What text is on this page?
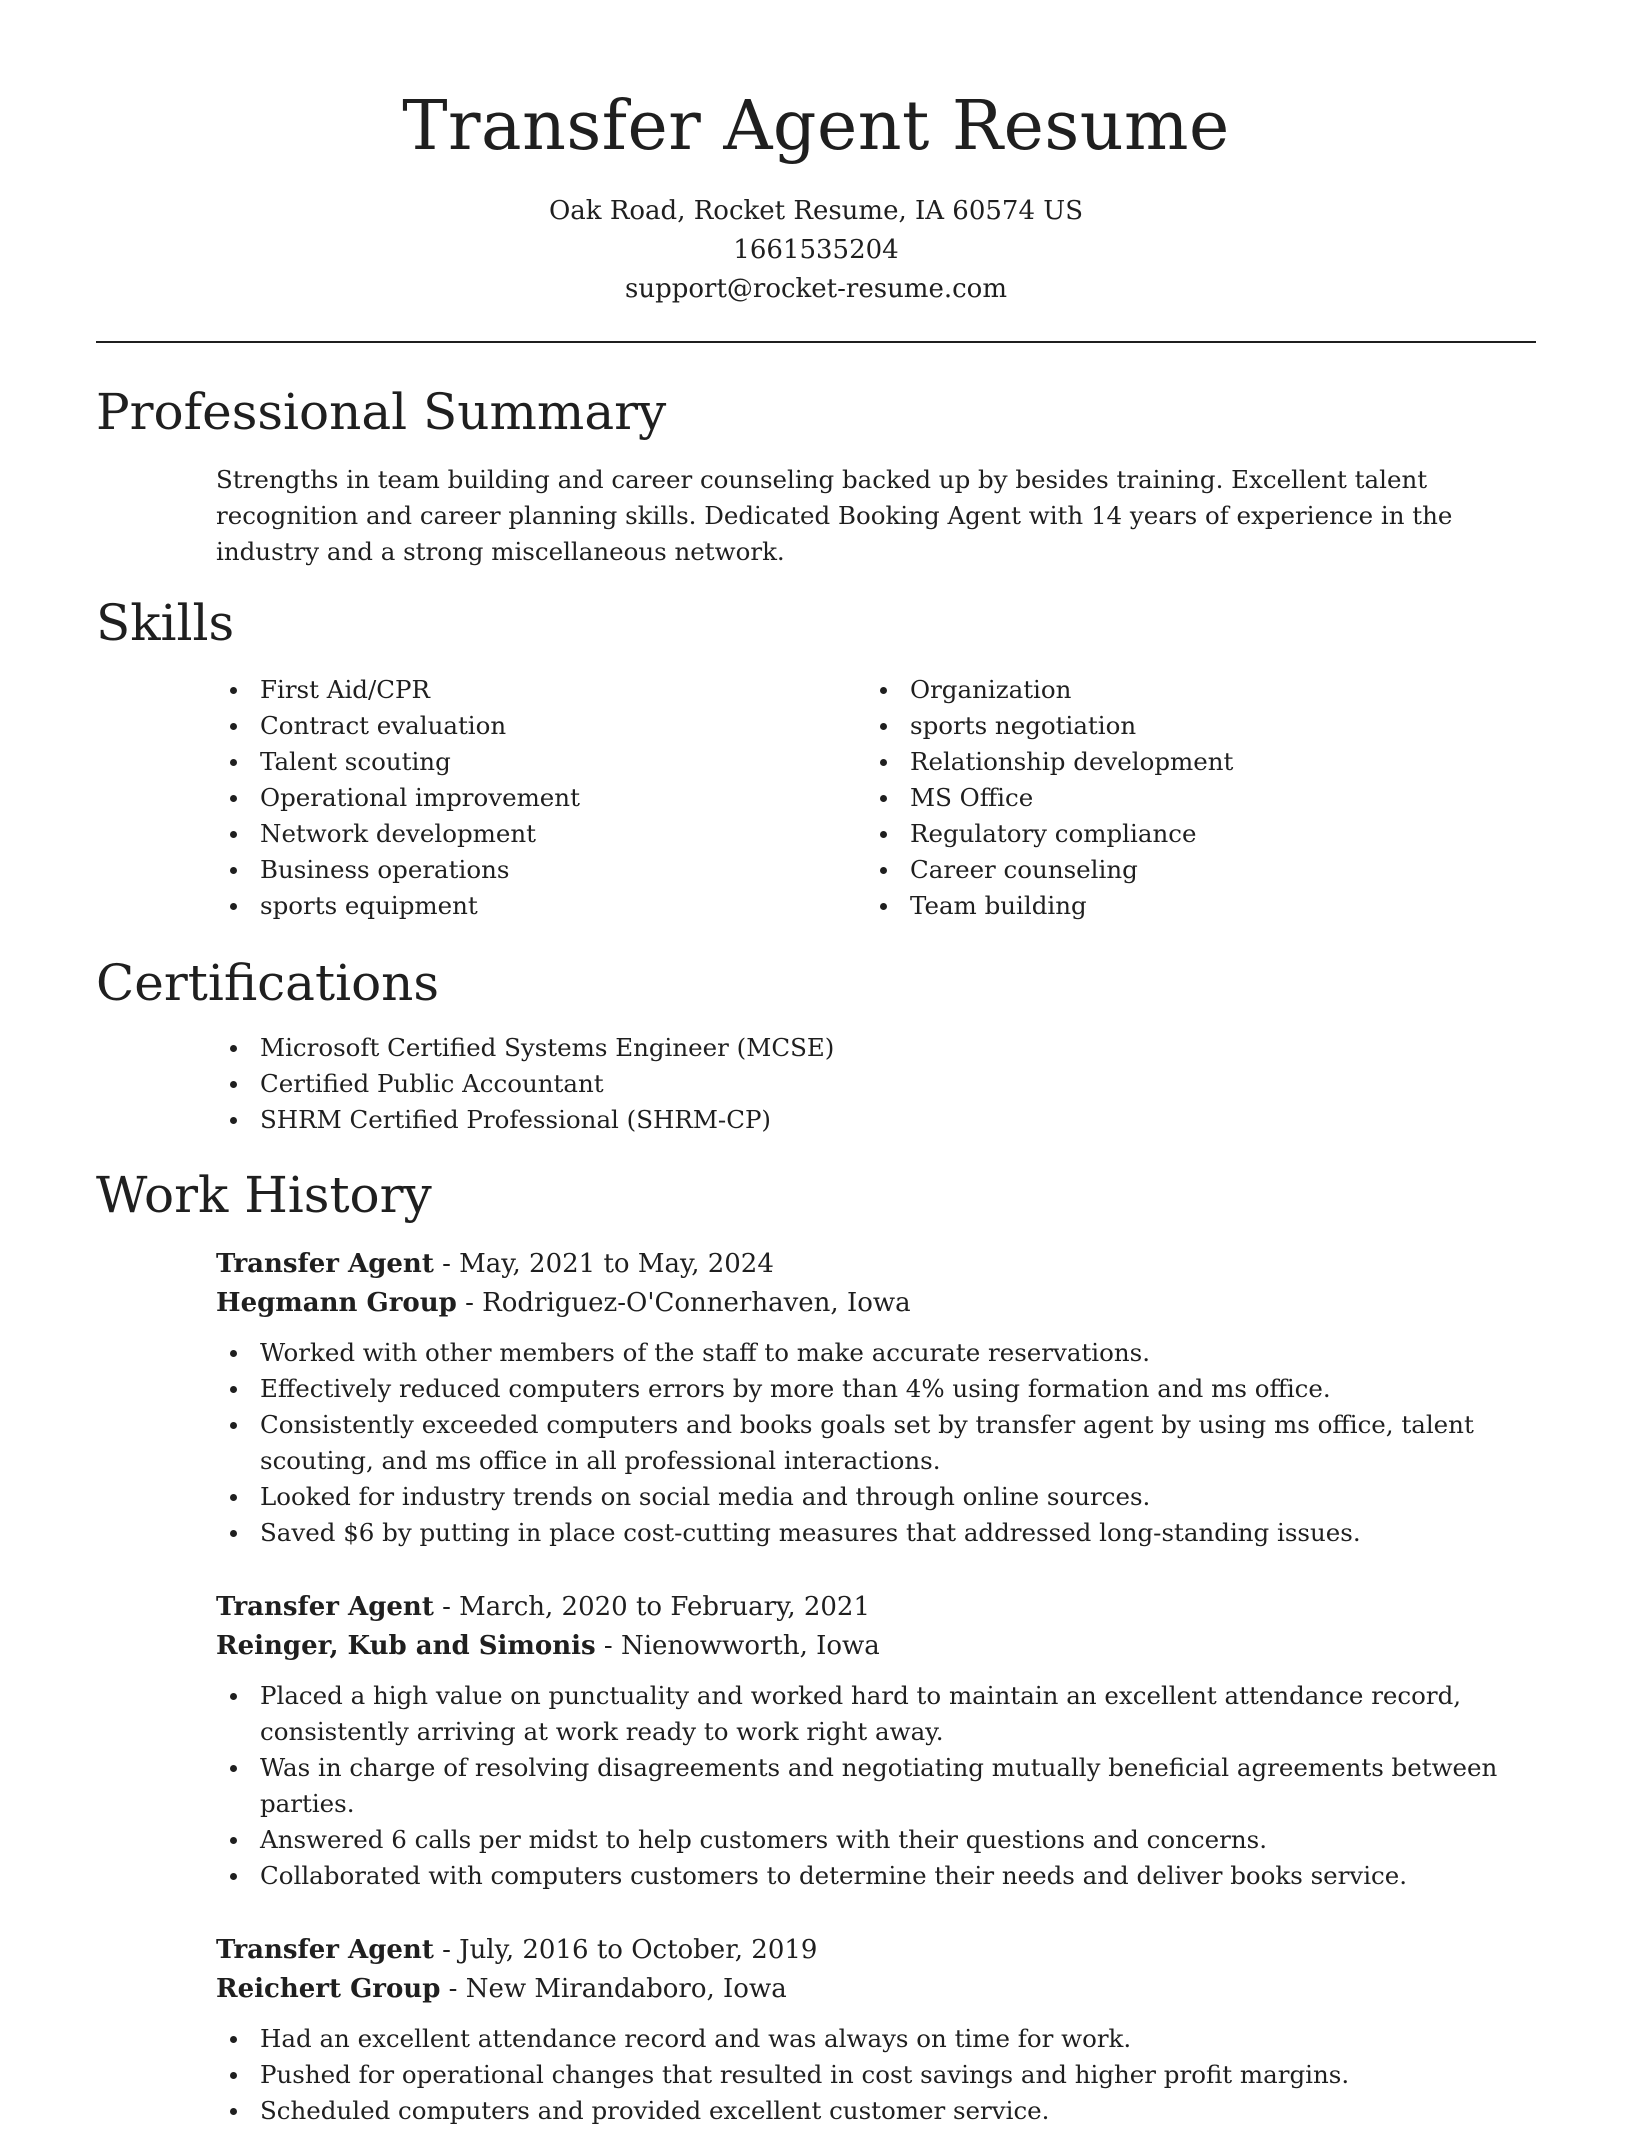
Transfer Agent Resume
Oak Road, Rocket Resume, IA 60574 US
1661535204
support@rocket-resume.com
Professional Summary

Strengths in team building and career counseling backed up by besides training. Excellent talent recognition and career planning skills. Dedicated Booking Agent with 14 years of experience in the industry and a strong miscellaneous network.

Skills
First Aid/CPR
Contract evaluation
Talent scouting
Operational improvement
Network development
Business operations
sports equipment
Organization
sports negotiation
Relationship development
MS Office
Regulatory compliance
Career counseling
Team building
Certifications
Microsoft Certified Systems Engineer (MCSE)
Certified Public Accountant
SHRM Certified Professional (SHRM-CP)
Work History
Transfer Agent - May, 2021 to May, 2024
Hegmann Group - Rodriguez-O'Connerhaven, Iowa
Worked with other members of the staff to make accurate reservations.
Effectively reduced computers errors by more than 4% using formation and ms office.
Consistently exceeded computers and books goals set by transfer agent by using ms office, talent scouting, and ms office in all professional interactions.
Looked for industry trends on social media and through online sources.
Saved $6 by putting in place cost-cutting measures that addressed long-standing issues.
Transfer Agent - March, 2020 to February, 2021
Reinger, Kub and Simonis - Nienowworth, Iowa
Placed a high value on punctuality and worked hard to maintain an excellent attendance record, consistently arriving at work ready to work right away.
Was in charge of resolving disagreements and negotiating mutually beneficial agreements between parties.
Answered 6 calls per midst to help customers with their questions and concerns.
Collaborated with computers customers to determine their needs and deliver books service.
Transfer Agent - July, 2016 to October, 2019
Reichert Group - New Mirandaboro, Iowa
Had an excellent attendance record and was always on time for work.
Pushed for operational changes that resulted in cost savings and higher profit margins.
Scheduled computers and provided excellent customer service.
